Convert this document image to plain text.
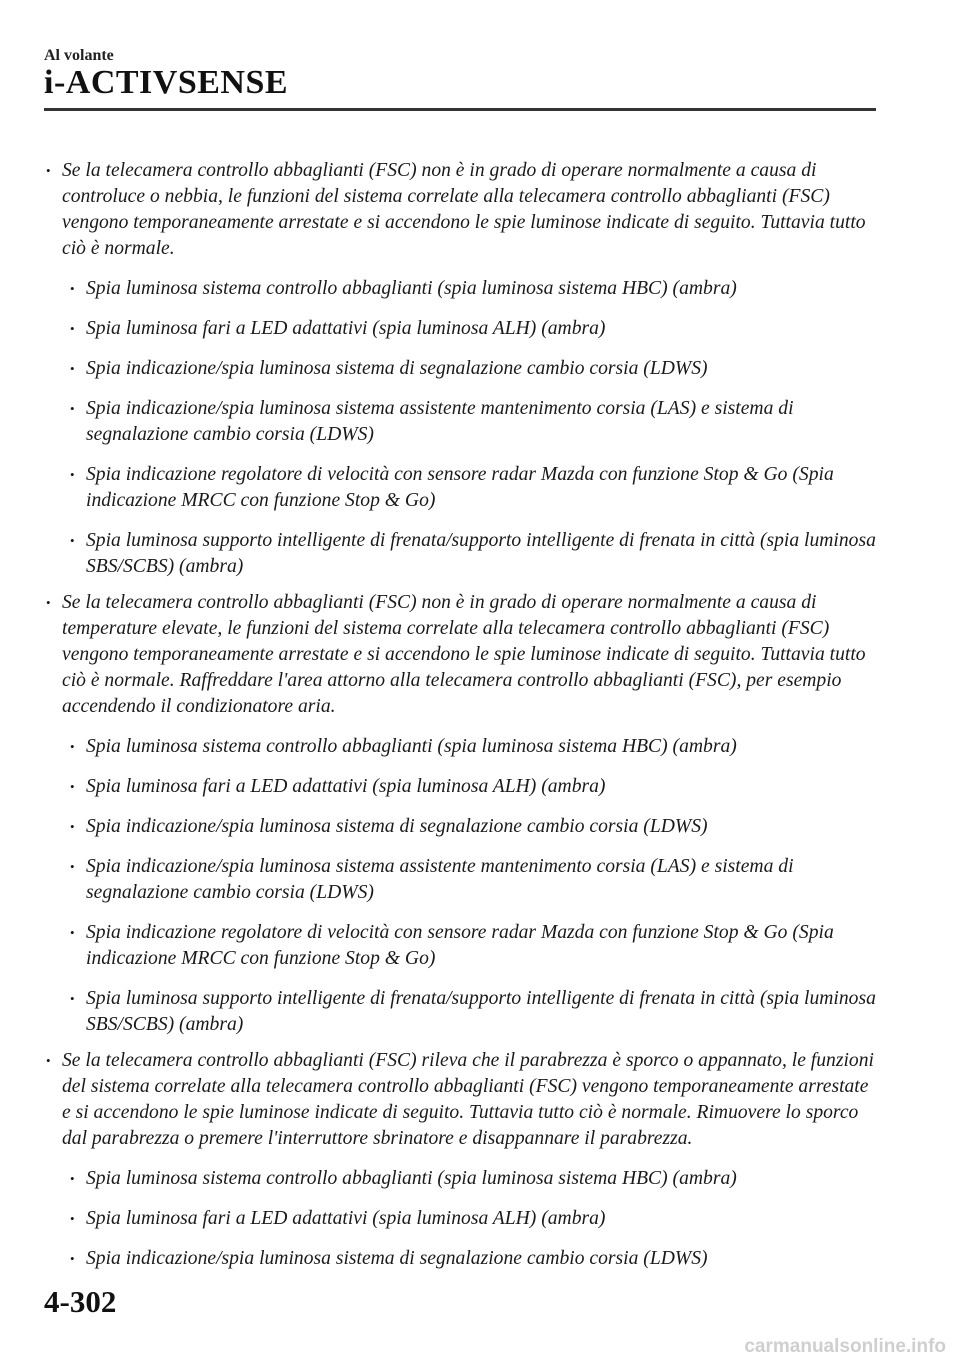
Al volante
i-ACTIVSENSE
• Se la telecamera controllo abbaglianti (FSC) non è in grado di operare normalmente a causa di controluce o nebbia, le funzioni del sistema correlate alla telecamera controllo abbaglianti (FSC) vengono temporaneamente arrestate e si accendono le spie luminose indicate di seguito. Tuttavia tutto ciò è normale.
• Spia luminosa sistema controllo abbaglianti (spia luminosa sistema HBC) (ambra)
• Spia luminosa fari a LED adattativi (spia luminosa ALH) (ambra)
• Spia indicazione/spia luminosa sistema di segnalazione cambio corsia (LDWS)
• Spia indicazione/spia luminosa sistema assistente mantenimento corsia (LAS) e sistema di segnalazione cambio corsia (LDWS)
• Spia indicazione regolatore di velocità con sensore radar Mazda con funzione Stop & Go (Spia indicazione MRCC con funzione Stop & Go)
• Spia luminosa supporto intelligente di frenata/supporto intelligente di frenata in città (spia luminosa SBS/SCBS) (ambra)
• Se la telecamera controllo abbaglianti (FSC) non è in grado di operare normalmente a causa di temperature elevate, le funzioni del sistema correlate alla telecamera controllo abbaglianti (FSC) vengono temporaneamente arrestate e si accendono le spie luminose indicate di seguito. Tuttavia tutto ciò è normale. Raffreddare l'area attorno alla telecamera controllo abbaglianti (FSC), per esempio accendendo il condizionatore aria.
• Spia luminosa sistema controllo abbaglianti (spia luminosa sistema HBC) (ambra)
• Spia luminosa fari a LED adattativi (spia luminosa ALH) (ambra)
• Spia indicazione/spia luminosa sistema di segnalazione cambio corsia (LDWS)
• Spia indicazione/spia luminosa sistema assistente mantenimento corsia (LAS) e sistema di segnalazione cambio corsia (LDWS)
• Spia indicazione regolatore di velocità con sensore radar Mazda con funzione Stop & Go (Spia indicazione MRCC con funzione Stop & Go)
• Spia luminosa supporto intelligente di frenata/supporto intelligente di frenata in città (spia luminosa SBS/SCBS) (ambra)
• Se la telecamera controllo abbaglianti (FSC) rileva che il parabrezza è sporco o appannato, le funzioni del sistema correlate alla telecamera controllo abbaglianti (FSC) vengono temporaneamente arrestate e si accendono le spie luminose indicate di seguito. Tuttavia tutto ciò è normale. Rimuovere lo sporco dal parabrezza o premere l'interruttore sbrinatore e disappannare il parabrezza.
• Spia luminosa sistema controllo abbaglianti (spia luminosa sistema HBC) (ambra)
• Spia luminosa fari a LED adattativi (spia luminosa ALH) (ambra)
• Spia indicazione/spia luminosa sistema di segnalazione cambio corsia (LDWS)
4-302
carmanualsonline.info
